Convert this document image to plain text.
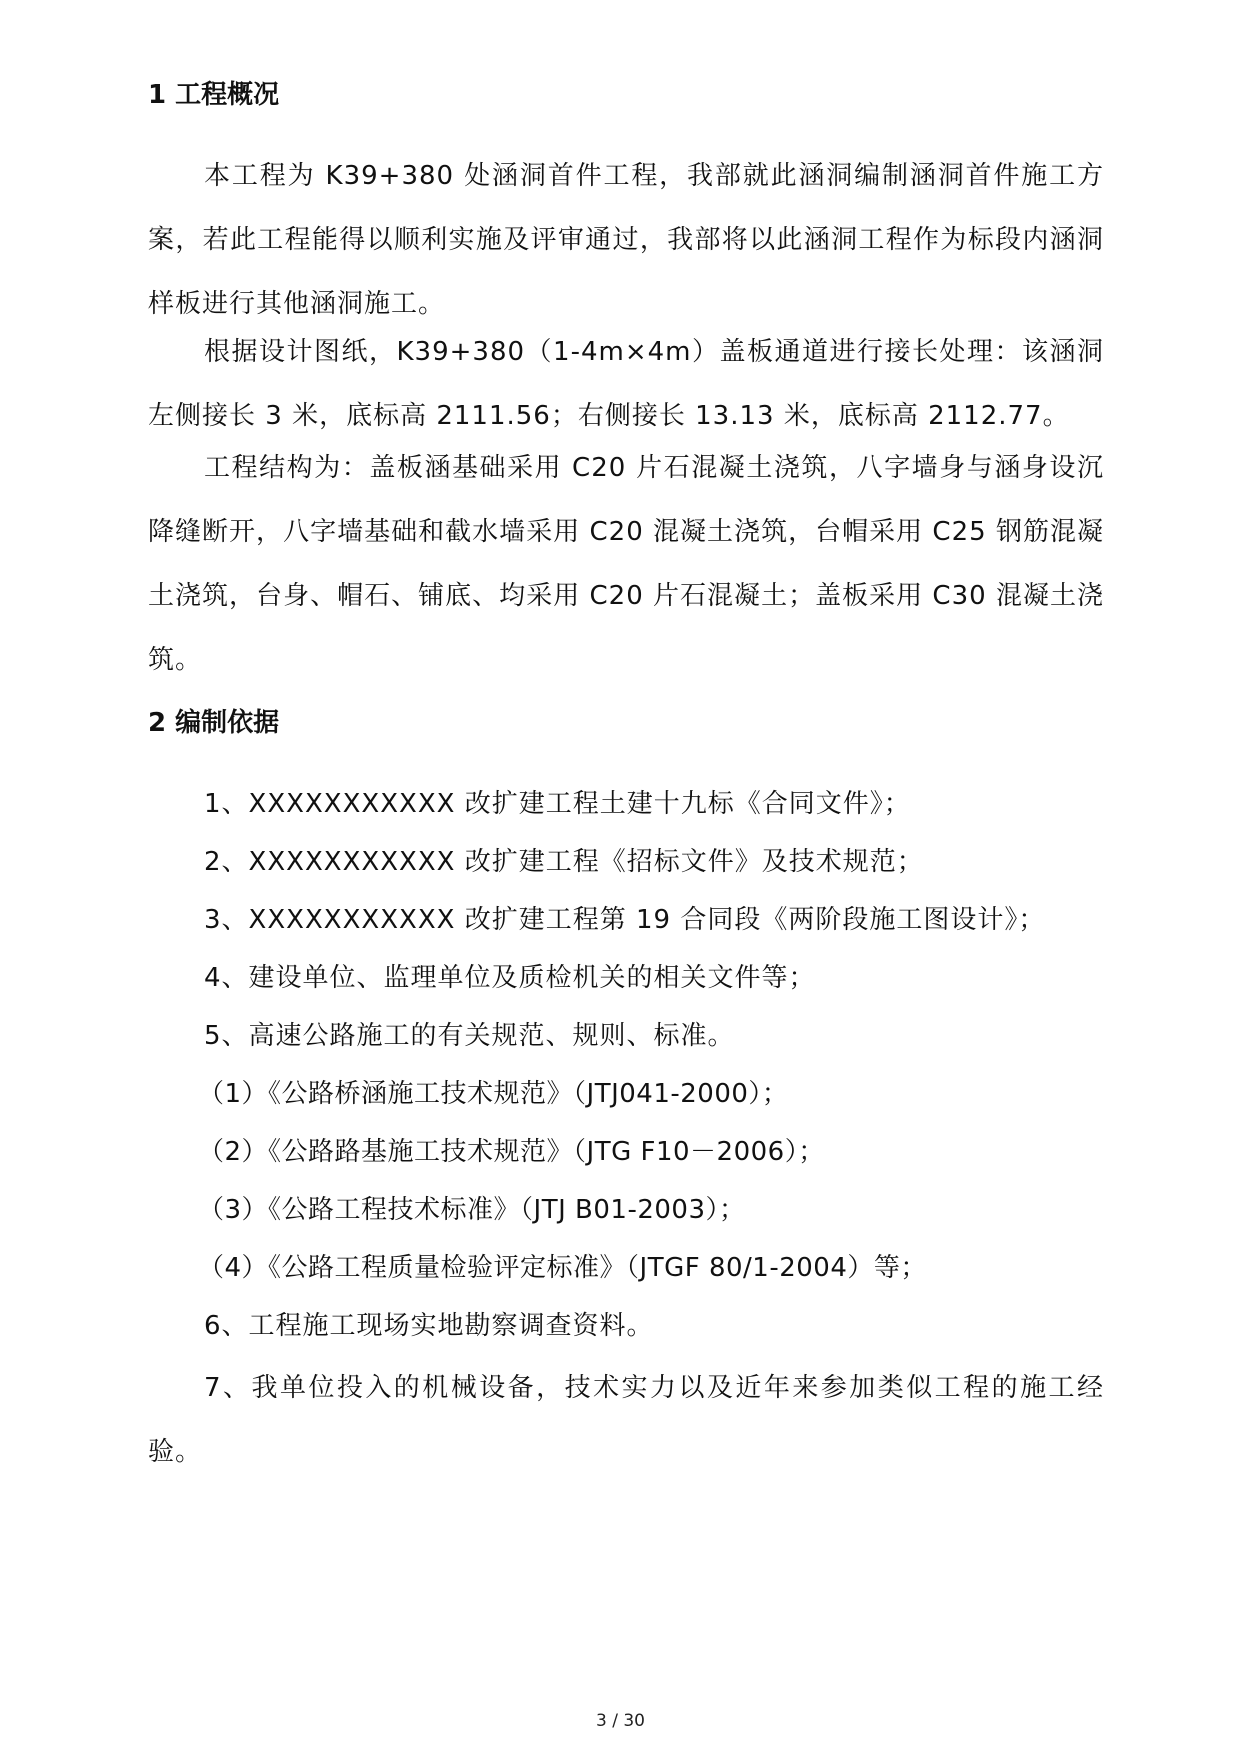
1 工程概况
本工程为 K39+380 处涵洞首件工程，我部就此涵洞编制涵洞首件施工方案，若此工程能得以顺利实施及评审通过，我部将以此涵洞工程作为标段内涵洞样板进行其他涵洞施工。
根据设计图纸，K39+380（1-4m×4m）盖板通道进行接长处理：该涵洞左侧接长 3 米，底标高 2111.56；右侧接长 13.13 米，底标高 2112.77。
工程结构为：盖板涵基础采用 C20 片石混凝土浇筑，八字墙身与涵身设沉降缝断开，八字墙基础和截水墙采用 C20 混凝土浇筑，台帽采用 C25 钢筋混凝土浇筑，台身、帽石、铺底、均采用 C20 片石混凝土；盖板采用 C30 混凝土浇筑。
2 编制依据
1、XXXXXXXXXXX 改扩建工程土建十九标《合同文件》；
2、XXXXXXXXXXX 改扩建工程《招标文件》及技术规范；
3、XXXXXXXXXXX 改扩建工程第 19 合同段《两阶段施工图设计》；
4、建设单位、监理单位及质检机关的相关文件等；
5、高速公路施工的有关规范、规则、标准。
（1）《公路桥涵施工技术规范》（JTJ041-2000）；
（2）《公路路基施工技术规范》（JTG F10－2006）；
（3）《公路工程技术标准》（JTJ B01-2003）；
（4）《公路工程质量检验评定标准》（JTGF 80/1-2004）等；
6、工程施工现场实地勘察调查资料。
7、我单位投入的机械设备，技术实力以及近年来参加类似工程的施工经验。
3 / 30
